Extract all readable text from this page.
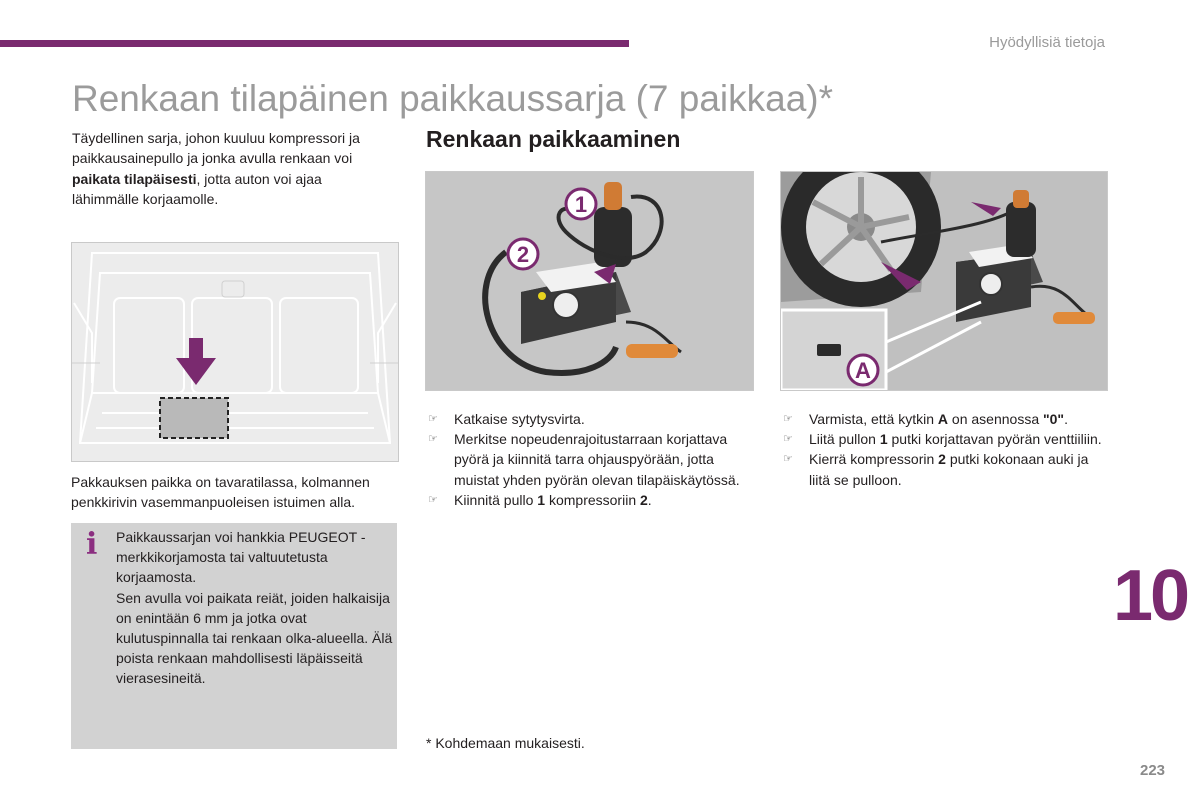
Hyödyllisiä tietoja
Renkaan tilapäinen paikkaussarja (7 paikkaa)*
Täydellinen sarja, johon kuuluu kompressori ja paikkausainepullo ja jonka avulla renkaan voi paikata tilapäisesti, jotta auton voi ajaa lähimmälle korjaamolle.
Pakkauksen paikka on tavaratilassa, kolmannen penkkirivin vasemmanpuoleisen istuimen alla.
i Paikkaussarjan voi hankkia PEUGEOT -merkkikorjamosta tai valtuutetusta korjaamosta.
Sen avulla voi paikata reiät, joiden halkaisija on enintään 6 mm ja jotka ovat kulutuspinnalla tai renkaan olka-alueella. Älä poista renkaan mahdollisesti läpäisseitä vierasesineitä.
Renkaan paikkaaminen
1
2
A
☞ Katkaise sytytysvirta.
☞ Merkitse nopeudenrajoitustarraan korjattava pyörä ja kiinnitä tarra ohjauspyörään, jotta muistat yhden pyörän olevan tilapäiskäytössä.
☞ Kiinnitä pullo 1 kompressoriin 2.
☞ Varmista, että kytkin A on asennossa "0".
☞ Liitä pullon 1 putki korjattavan pyörän venttiiliin.
☞ Kierrä kompressorin 2 putki kokonaan auki ja liitä se pulloon.
* Kohdemaan mukaisesti.
10
223
